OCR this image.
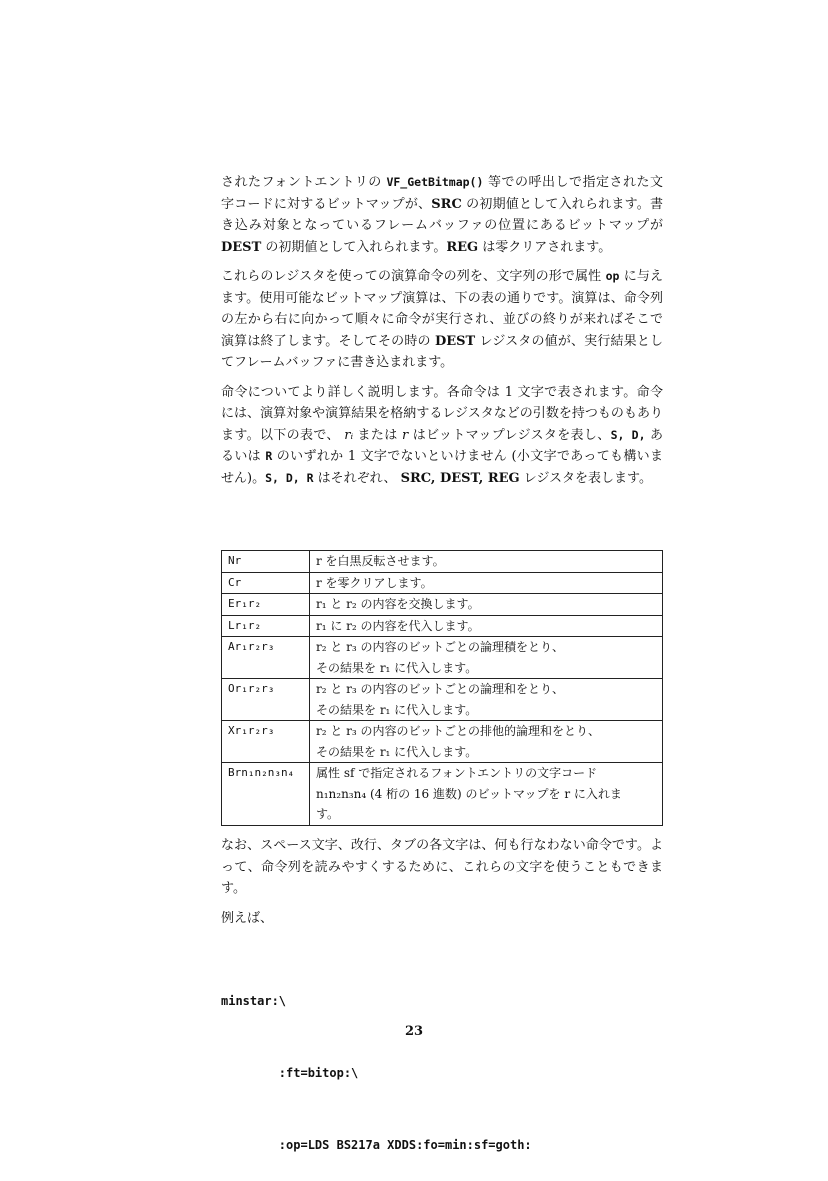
されたフォントエントリの VF_GetBitmap() 等での呼出しで指定された文字コードに対するビットマップが、SRC の初期値として入れられます。書き込み対象となっているフレームバッファの位置にあるビットマップが DEST の初期値として入れられます。REG は零クリアされます。

これらのレジスタを使っての演算命令の列を、文字列の形で属性 op に与えます。使用可能なビットマップ演算は、下の表の通りです。演算は、命令列の左から右に向かって順々に命令が実行され、並びの終りが来ればそこで演算は終了します。そしてその時の DEST レジスタの値が、実行結果としてフレームバッファに書き込まれます。

命令についてより詳しく説明します。各命令は 1 文字で表されます。命令には、演算対象や演算結果を格納するレジスタなどの引数を持つものもあります。以下の表で、 rᵢ または r はビットマップレジスタを表し、S, D, あるいは R のいずれか 1 文字でないといけません (小文字であっても構いません)。S, D, R はそれぞれ、 SRC, DEST, REG レジスタを表します。

Nr	r を白黒反転させます。
Cr	r を零クリアします。
Er₁r₂	r₁ と r₂ の内容を交換します。
Lr₁r₂	r₁ に r₂ の内容を代入します。
Ar₁r₂r₃	r₂ と r₃ の内容のビットごとの論理積をとり、
その結果を r₁ に代入します。

Or₁r₂r₃	r₂ と r₃ の内容のビットごとの論理和をとり、
その結果を r₁ に代入します。

Xr₁r₂r₃	r₂ と r₃ の内容のビットごとの排他的論理和をとり、
その結果を r₁ に代入します。

Brn₁n₂n₃n₄	属性 sf で指定されるフォントエントリの文字コード
n₁n₂n₃n₄ (4 桁の 16 進数) のビットマップを r に入れま
す。

なお、スペース文字、改行、タブの各文字は、何も行なわない命令です。よって、命令列を読みやすくするために、これらの文字を使うこともできます。

例えば、

minstar:\

:ft=bitop:\

:op=LDS BS217a XDDS:fo=min:sf=goth:

23
